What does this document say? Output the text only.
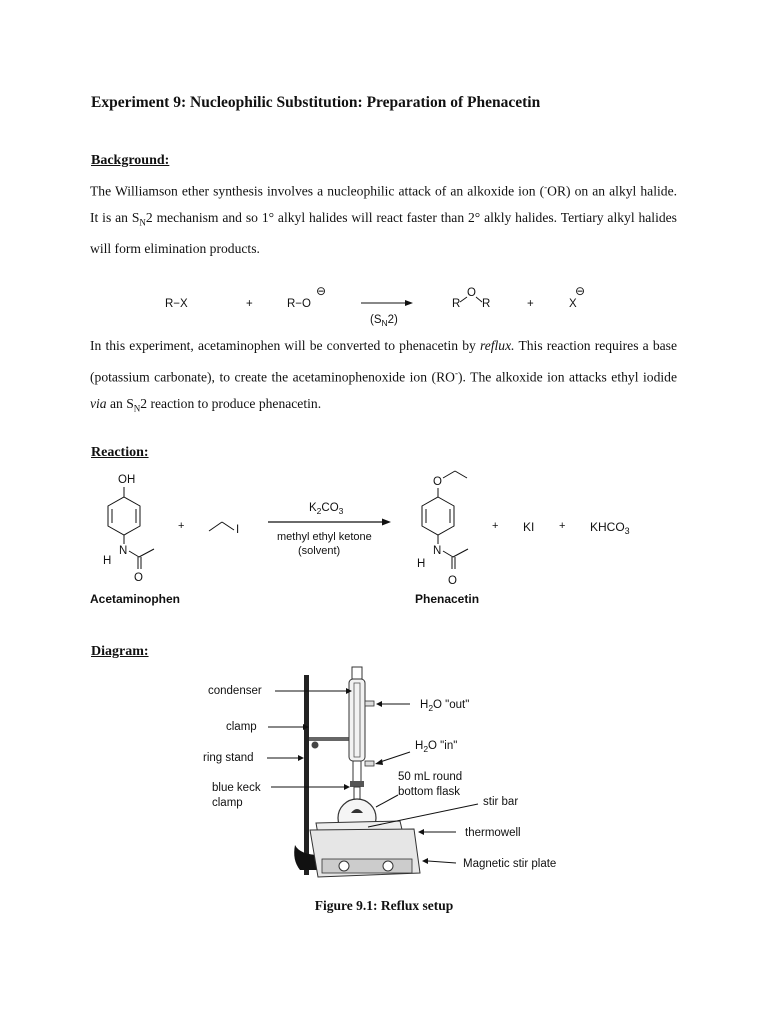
Experiment 9: Nucleophilic Substitution: Preparation of Phenacetin
Background:
The Williamson ether synthesis involves a nucleophilic attack of an alkoxide ion (-OR) on an alkyl halide. It is an $S_N2$ mechanism and so 1° alkyl halides will react faster than 2° alkly halides. Tertiary alkyl halides will form elimination products.
R−X	+	R−O
⊖
$(S_N2)$
R
O
R	+	X
⊖
In this experiment, acetaminophen will be converted to phenacetin by reflux. This reaction requires a base (potassium carbonate), to create the acetaminophenoxide ion (RO-). The alkoxide ion attacks ethyl iodide via an $S_N2$ reaction to produce phenacetin.
Reaction:
OH
N
H
O
Acetaminophen
+	I
$K_2CO_3$
methyl ethyl ketone
(solvent)
O
N
H
O
Phenacetin
+ KI + $KHCO_3$
Diagram:
condenser
clamp
ring stand
blue keck
clamp
$H_2O$ "out"
$H_2O$ "in"
50 mL round
bottom flask
stir bar
thermowell
Magnetic stir plate
Figure 9.1: Reflux setup
